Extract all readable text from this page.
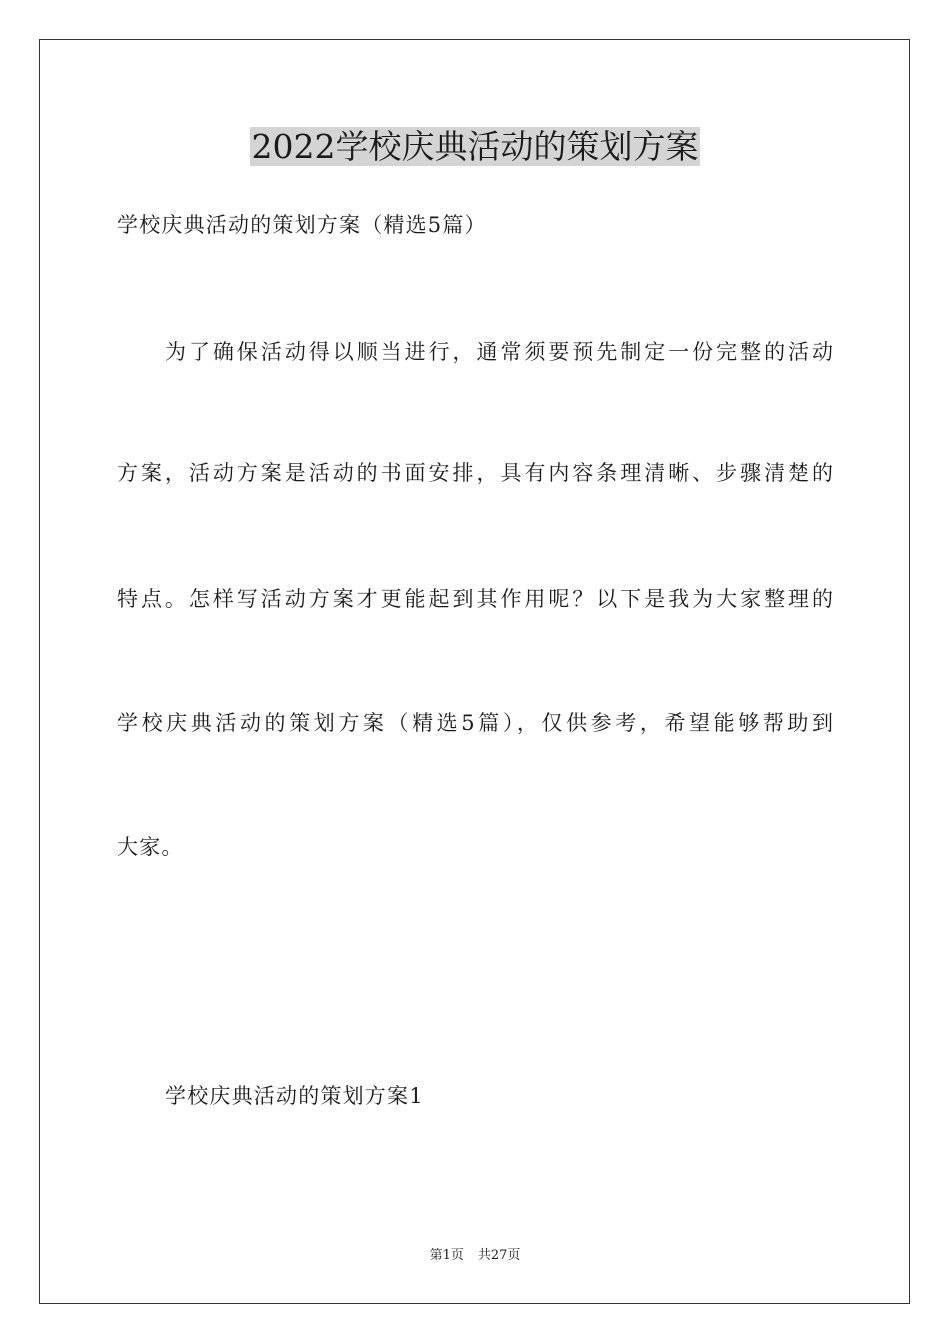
2022学校庆典活动的策划方案
学校庆典活动的策划方案（精选5篇）
为了确保活动得以顺当进行，通常须要预先制定一份完整的活动
方案，活动方案是活动的书面安排，具有内容条理清晰、步骤清楚的
特点。怎样写活动方案才更能起到其作用呢？以下是我为大家整理的
学校庆典活动的策划方案（精选5篇），仅供参考，希望能够帮助到
大家。
学校庆典活动的策划方案1
第1页 共27页
